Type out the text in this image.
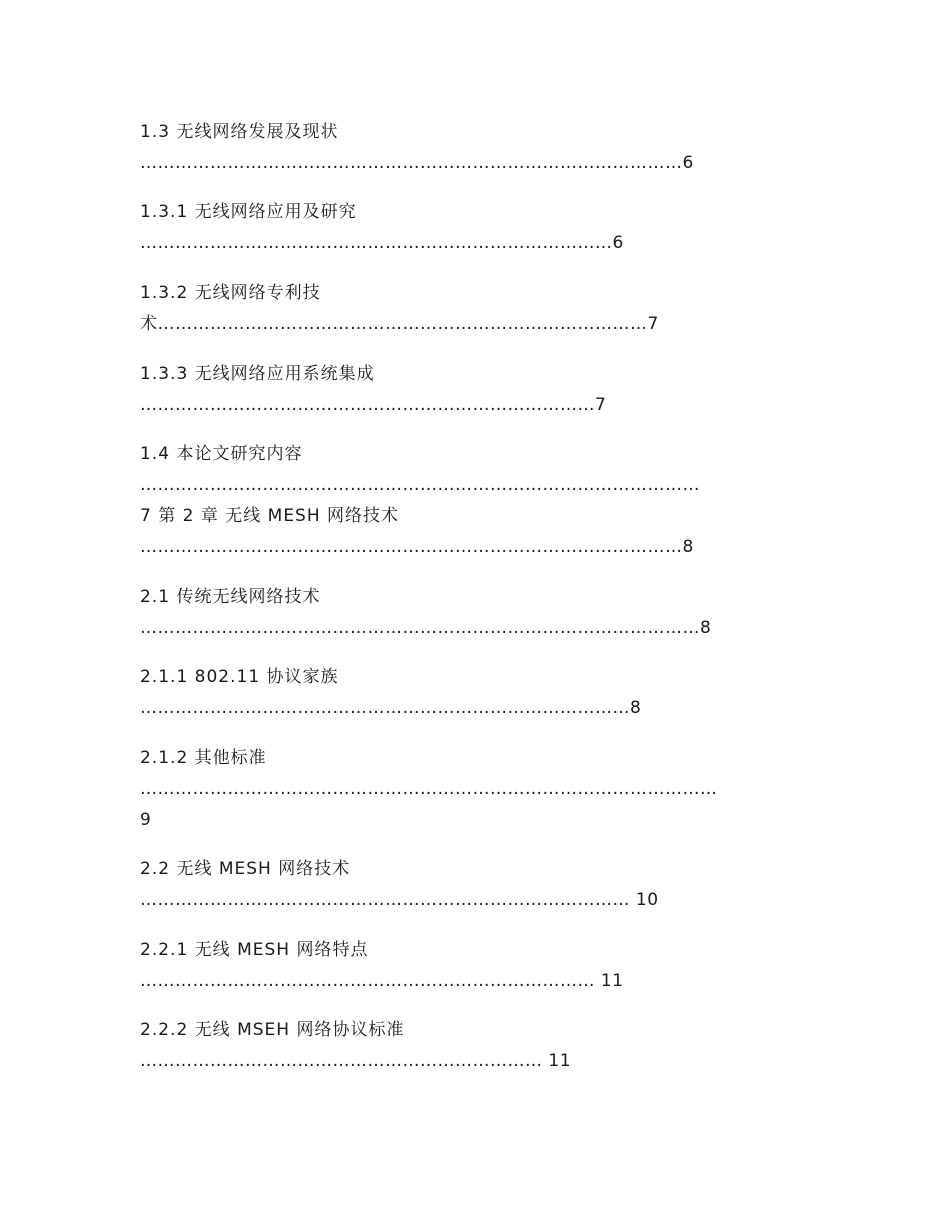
1.3 无线网络发展及现状
…………………………………………………………………………………6
1.3.1 无线网络应用及研究
………………………………………………………………………6
1.3.2 无线网络专利技
术…………………………………………………………………………7
1.3.3 无线网络应用系统集成
……………………………………………………………………7
1.4 本论文研究内容
……………………………………………………………………………………
7 第 2 章 无线 MESH 网络技术
…………………………………………………………………………………8
2.1 传统无线网络技术
……………………………………………………………………………………8
2.1.1 802.11 协议家族
…………………………………………………………………………8
2.1.2 其他标准
………………………………………………………………………………………
9
2.2 无线 MESH 网络技术
………………………………………………………………………… 10
2.2.1 无线 MESH 网络特点
…………………………………………………………………… 11
2.2.2 无线 MSEH 网络协议标准
…………………………………………………………… 11
